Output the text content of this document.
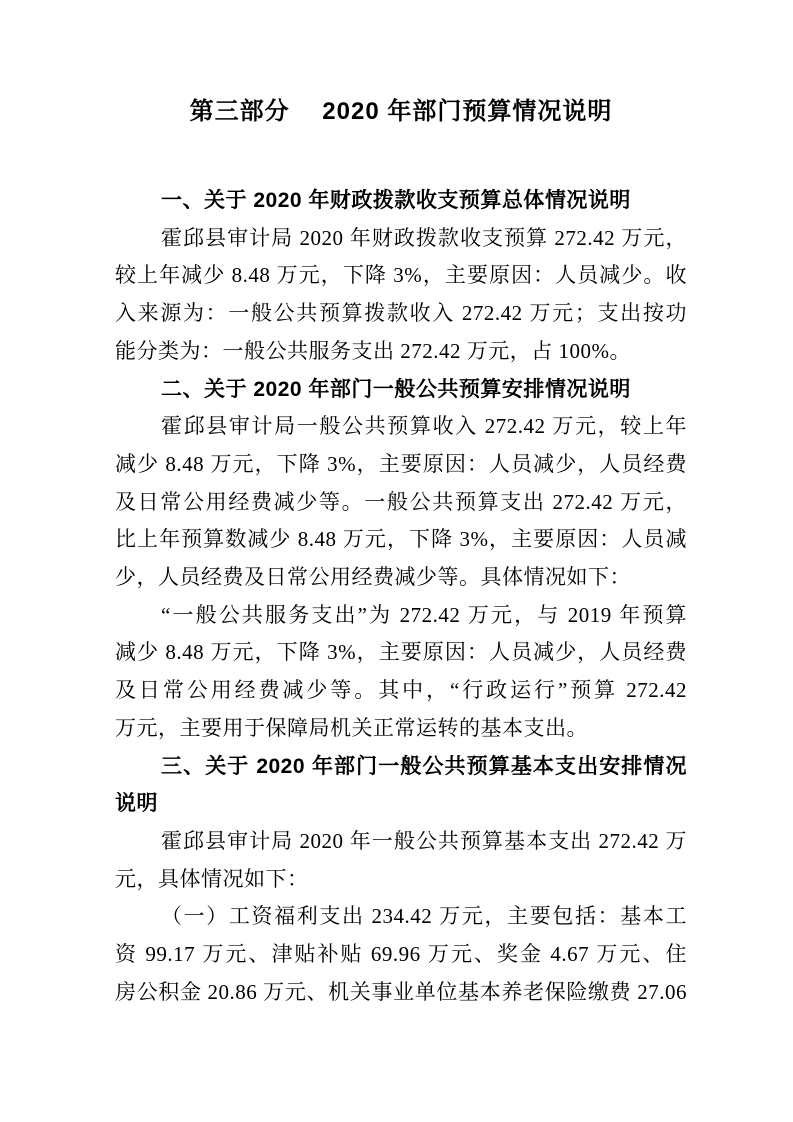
第三部分　 2020 年部门预算情况说明
一、关于 2020 年财政拨款收支预算总体情况说明
霍邱县审计局 2020 年财政拨款收支预算 272.42 万元，
较上年减少 8.48 万元，下降 3%，主要原因：人员减少。收
入来源为：一般公共预算拨款收入 272.42 万元；支出按功
能分类为：一般公共服务支出 272.42 万元，占 100%。
二、关于 2020 年部门一般公共预算安排情况说明
霍邱县审计局一般公共预算收入 272.42 万元，较上年
减少 8.48 万元，下降 3%，主要原因：人员减少，人员经费
及日常公用经费减少等。一般公共预算支出 272.42 万元，
比上年预算数减少 8.48 万元，下降 3%，主要原因：人员减
少，人员经费及日常公用经费减少等。具体情况如下：
“一般公共服务支出”为 272.42 万元，与 2019 年预算
减少 8.48 万元，下降 3%，主要原因：人员减少，人员经费
及日常公用经费减少等。其中，“行政运行”预算 272.42
万元，主要用于保障局机关正常运转的基本支出。
三、关于 2020 年部门一般公共预算基本支出安排情况
说明
霍邱县审计局 2020 年一般公共预算基本支出 272.42 万
元，具体情况如下：
（一）工资福利支出 234.42 万元，主要包括：基本工
资 99.17 万元、津贴补贴 69.96 万元、奖金 4.67 万元、住
房公积金 20.86 万元、机关事业单位基本养老保险缴费 27.06
